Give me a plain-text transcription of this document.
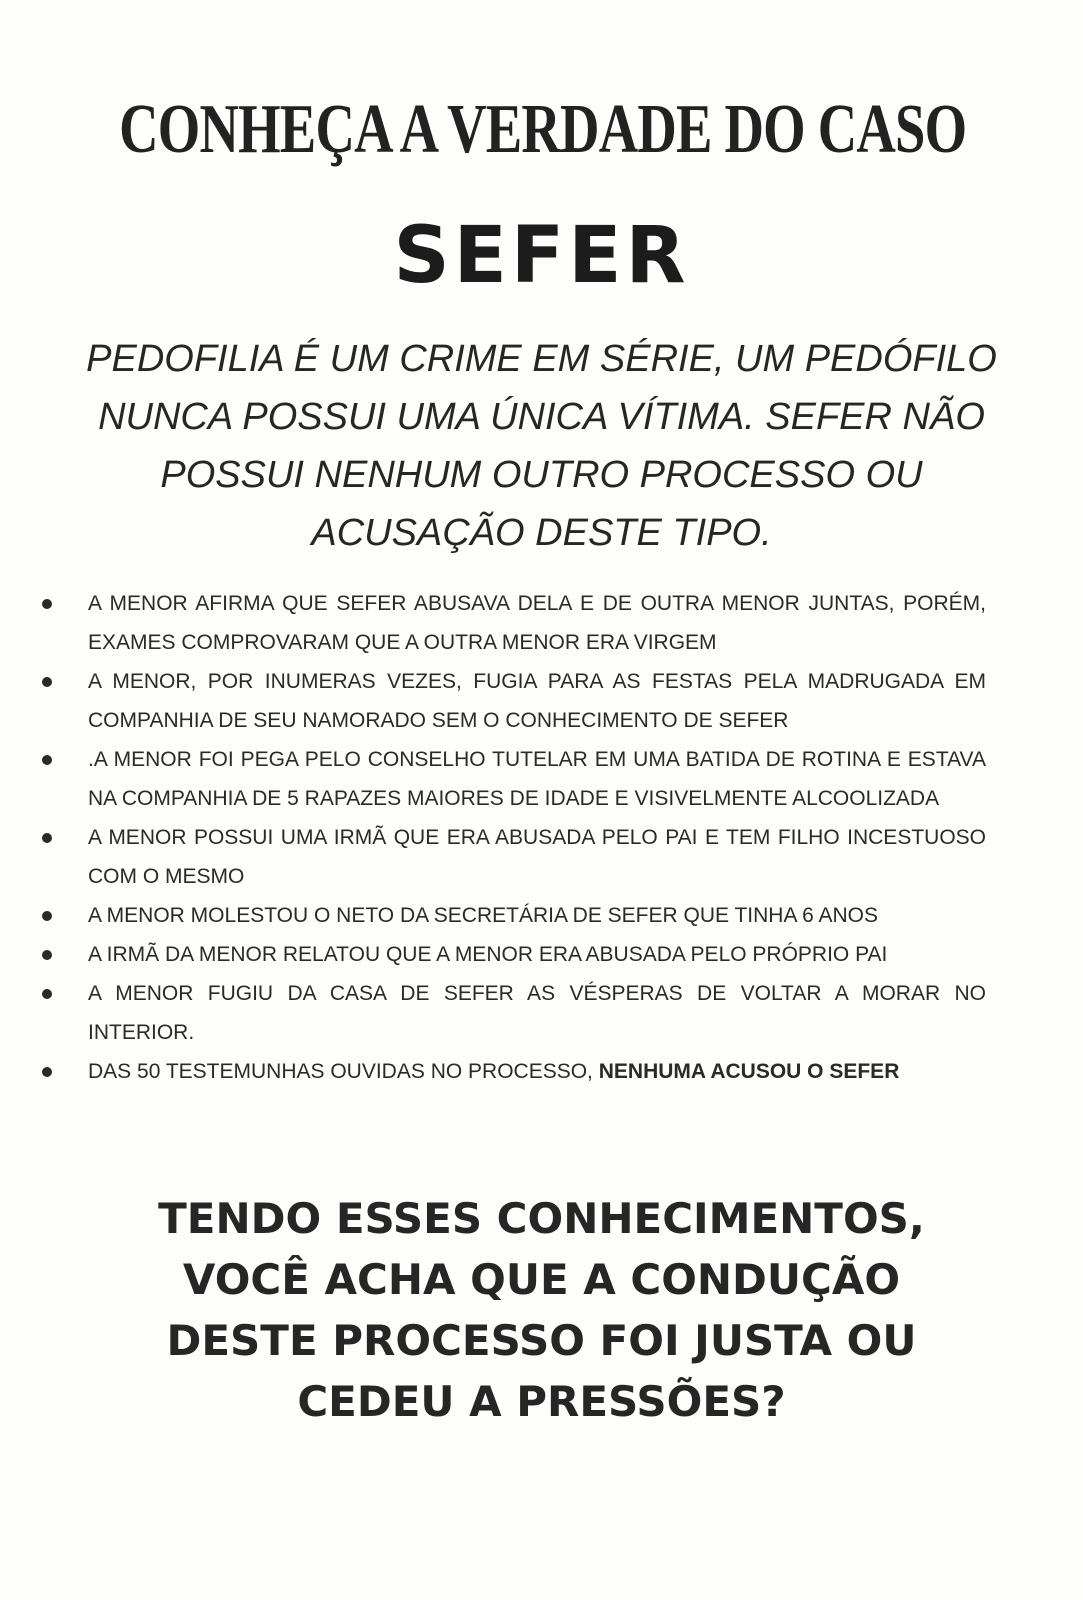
CONHEÇA A VERDADE DO CASO
SEFER
PEDOFILIA É UM CRIME EM SÉRIE, UM PEDÓFILO
NUNCA POSSUI UMA ÚNICA VÍTIMA. SEFER NÃO
POSSUI NENHUM OUTRO PROCESSO OU
ACUSAÇÃO DESTE TIPO.
A MENOR AFIRMA QUE SEFER ABUSAVA DELA E DE OUTRA MENOR JUNTAS, PORÉM, EXAMES COMPROVARAM QUE A OUTRA MENOR ERA VIRGEM
A MENOR, POR INUMERAS VEZES, FUGIA PARA AS FESTAS PELA MADRUGADA EM COMPANHIA DE SEU NAMORADO SEM O CONHECIMENTO DE SEFER
.A MENOR FOI PEGA PELO CONSELHO TUTELAR EM UMA BATIDA DE ROTINA E ESTAVA NA COMPANHIA DE 5 RAPAZES MAIORES DE IDADE E VISIVELMENTE ALCOOLIZADA
A MENOR POSSUI UMA IRMÃ QUE ERA ABUSADA PELO PAI E TEM FILHO INCESTUOSO COM O MESMO
A MENOR MOLESTOU O NETO DA SECRETÁRIA DE SEFER QUE TINHA 6 ANOS
A IRMÃ DA MENOR RELATOU QUE A MENOR ERA ABUSADA PELO PRÓPRIO PAI
A MENOR FUGIU DA CASA DE SEFER AS VÉSPERAS DE VOLTAR A MORAR NO INTERIOR.
DAS 50 TESTEMUNHAS OUVIDAS NO PROCESSO, NENHUMA ACUSOU O SEFER
TENDO ESSES CONHECIMENTOS,
VOCÊ ACHA QUE A CONDUÇÃO
DESTE PROCESSO FOI JUSTA OU
CEDEU A PRESSÕES?
